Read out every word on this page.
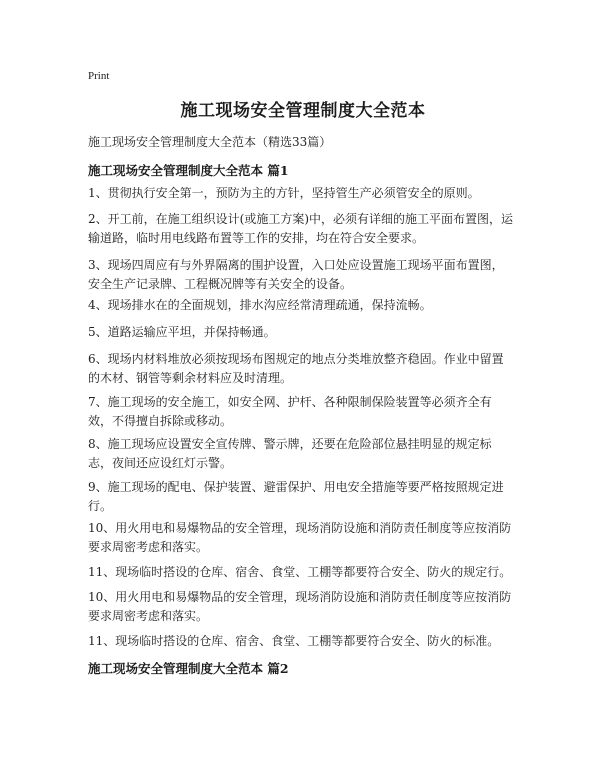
Print
施工现场安全管理制度大全范本
施工现场安全管理制度大全范本（精选33篇）
施工现场安全管理制度大全范本 篇1
1、贯彻执行安全第一，预防为主的方针，坚持管生产必须管安全的原则。
2、开工前，在施工组织设计(或施工方案)中，必须有详细的施工平面布置图，运输道路，临时用电线路布置等工作的安排，均在符合安全要求。
3、现场四周应有与外界隔离的围护设置，入口处应设置施工现场平面布置图，安全生产记录牌、工程概况牌等有关安全的设备。
4、现场排水在的全面规划，排水沟应经常清理疏通，保持流畅。
5、道路运输应平坦，并保持畅通。
6、现场内材料堆放必须按现场布图规定的地点分类堆放整齐稳固。作业中留置的木材、钢管等剩余材料应及时清理。
7、施工现场的安全施工，如安全网、护杆、各种限制保险装置等必须齐全有效，不得擅自拆除或移动。
8、施工现场应设置安全宣传牌、警示牌，还要在危险部位悬挂明显的规定标志，夜间还应设红灯示警。
9、施工现场的配电、保护装置、避雷保护、用电安全措施等要严格按照规定进行。
10、用火用电和易爆物品的安全管理，现场消防设施和消防责任制度等应按消防要求周密考虑和落实。
11、现场临时搭设的仓库、宿舍、食堂、工棚等都要符合安全、防火的规定行。
10、用火用电和易爆物品的安全管理，现场消防设施和消防责任制度等应按消防要求周密考虑和落实。
11、现场临时搭设的仓库、宿舍、食堂、工棚等都要符合安全、防火的标准。
施工现场安全管理制度大全范本 篇2
